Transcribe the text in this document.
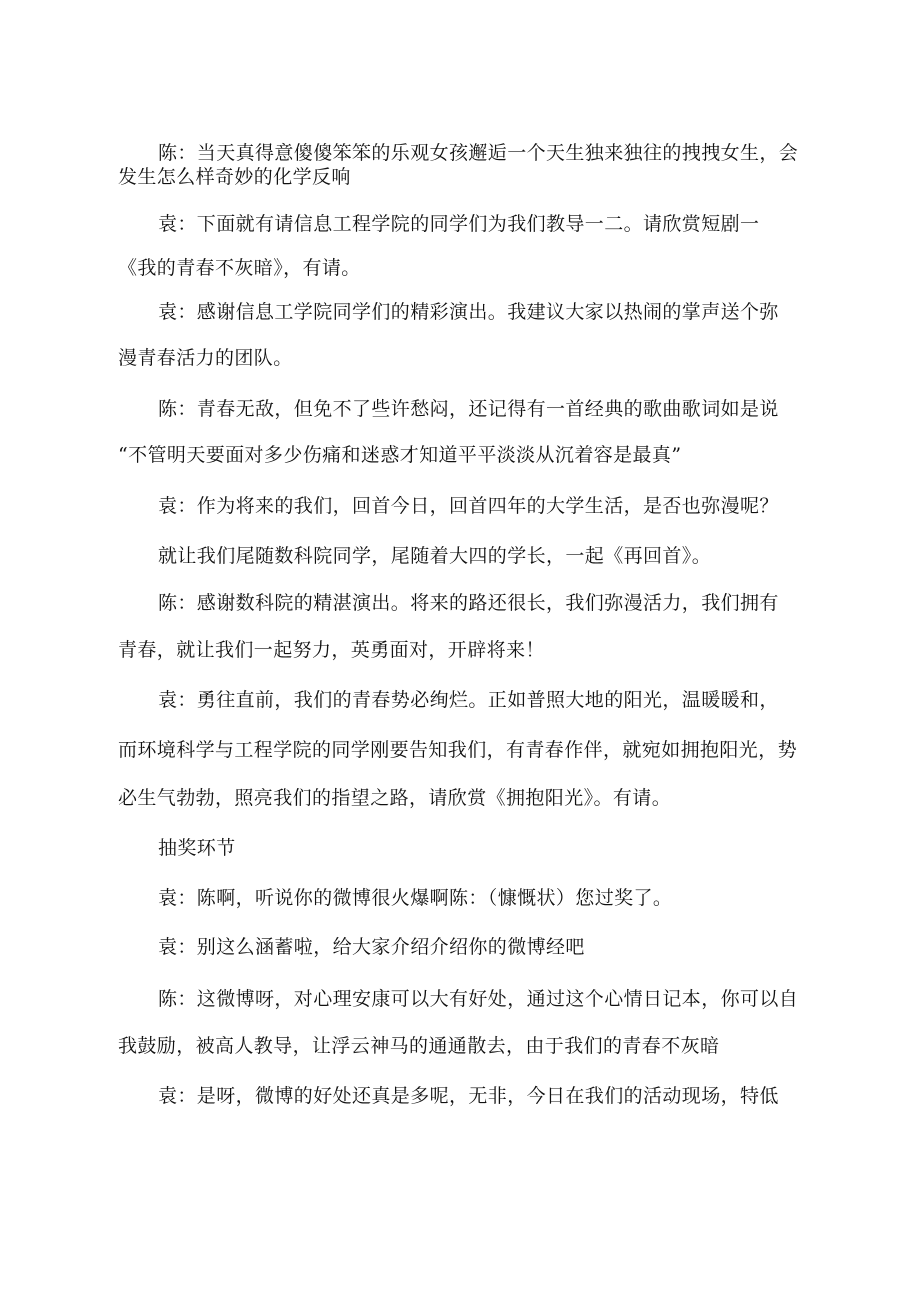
陈：当天真得意傻傻笨笨的乐观女孩邂逅一个天生独来独往的拽拽女生，会
发生怎么样奇妙的化学反响
袁：下面就有请信息工程学院的同学们为我们教导一二。请欣赏短剧一
《我的青春不灰暗》，有请。
袁：感谢信息工学院同学们的精彩演出。我建议大家以热闹的掌声送个弥
漫青春活力的团队。
陈：青春无敌，但免不了些许愁闷，还记得有一首经典的歌曲歌词如是说
“不管明天要面对多少伤痛和迷惑才知道平平淡淡从沉着容是最真”
袁：作为将来的我们，回首今日，回首四年的大学生活，是否也弥漫呢？
就让我们尾随数科院同学，尾随着大四的学长，一起《再回首》。
陈：感谢数科院的精湛演出。将来的路还很长，我们弥漫活力，我们拥有
青春，就让我们一起努力，英勇面对，开辟将来！
袁：勇往直前，我们的青春势必绚烂。正如普照大地的阳光，温暖暖和，
而环境科学与工程学院的同学刚要告知我们，有青春作伴，就宛如拥抱阳光，势
必生气勃勃，照亮我们的指望之路，请欣赏《拥抱阳光》。有请。
抽奖环节
袁：陈啊，听说你的微博很火爆啊陈：（慷慨状）您过奖了。
袁：别这么涵蓄啦，给大家介绍介绍你的微博经吧
陈：这微博呀，对心理安康可以大有好处，通过这个心情日记本，你可以自
我鼓励，被高人教导，让浮云神马的通通散去，由于我们的青春不灰暗
袁：是呀，微博的好处还真是多呢，无非，今日在我们的活动现场，特低
